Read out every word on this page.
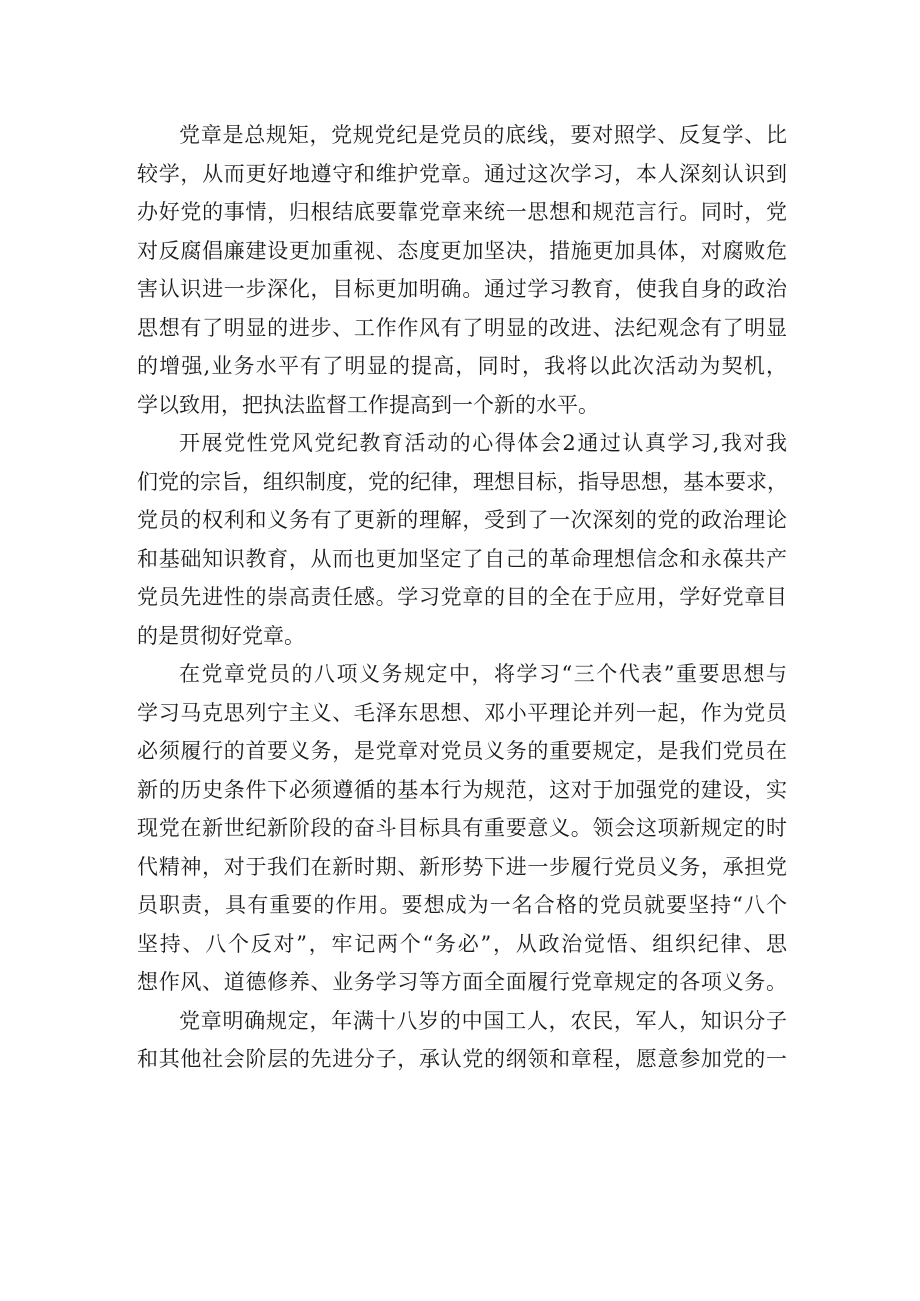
党章是总规矩，党规党纪是党员的底线，要对照学、反复学、比
较学，从而更好地遵守和维护党章。通过这次学习，本人深刻认识到
办好党的事情，归根结底要靠党章来统一思想和规范言行。同时，党
对反腐倡廉建设更加重视、态度更加坚决，措施更加具体，对腐败危
害认识进一步深化，目标更加明确。通过学习教育，使我自身的政治
思想有了明显的进步、工作作风有了明显的改进、法纪观念有了明显
的增强,业务水平有了明显的提高，同时，我将以此次活动为契机，
学以致用，把执法监督工作提高到一个新的水平。
开展党性党风党纪教育活动的心得体会2通过认真学习,我对我
们党的宗旨，组织制度，党的纪律，理想目标，指导思想，基本要求，
党员的权利和义务有了更新的理解，受到了一次深刻的党的政治理论
和基础知识教育，从而也更加坚定了自己的革命理想信念和永葆共产
党员先进性的崇高责任感。学习党章的目的全在于应用，学好党章目
的是贯彻好党章。
在党章党员的八项义务规定中，将学习“三个代表”重要思想与
学习马克思列宁主义、毛泽东思想、邓小平理论并列一起，作为党员
必须履行的首要义务，是党章对党员义务的重要规定，是我们党员在
新的历史条件下必须遵循的基本行为规范，这对于加强党的建设，实
现党在新世纪新阶段的奋斗目标具有重要意义。领会这项新规定的时
代精神，对于我们在新时期、新形势下进一步履行党员义务，承担党
员职责，具有重要的作用。要想成为一名合格的党员就要坚持“八个
坚持、八个反对”，牢记两个“务必”，从政治觉悟、组织纪律、思
想作风、道德修养、业务学习等方面全面履行党章规定的各项义务。
党章明确规定，年满十八岁的中国工人，农民，军人，知识分子
和其他社会阶层的先进分子，承认党的纲领和章程，愿意参加党的一
